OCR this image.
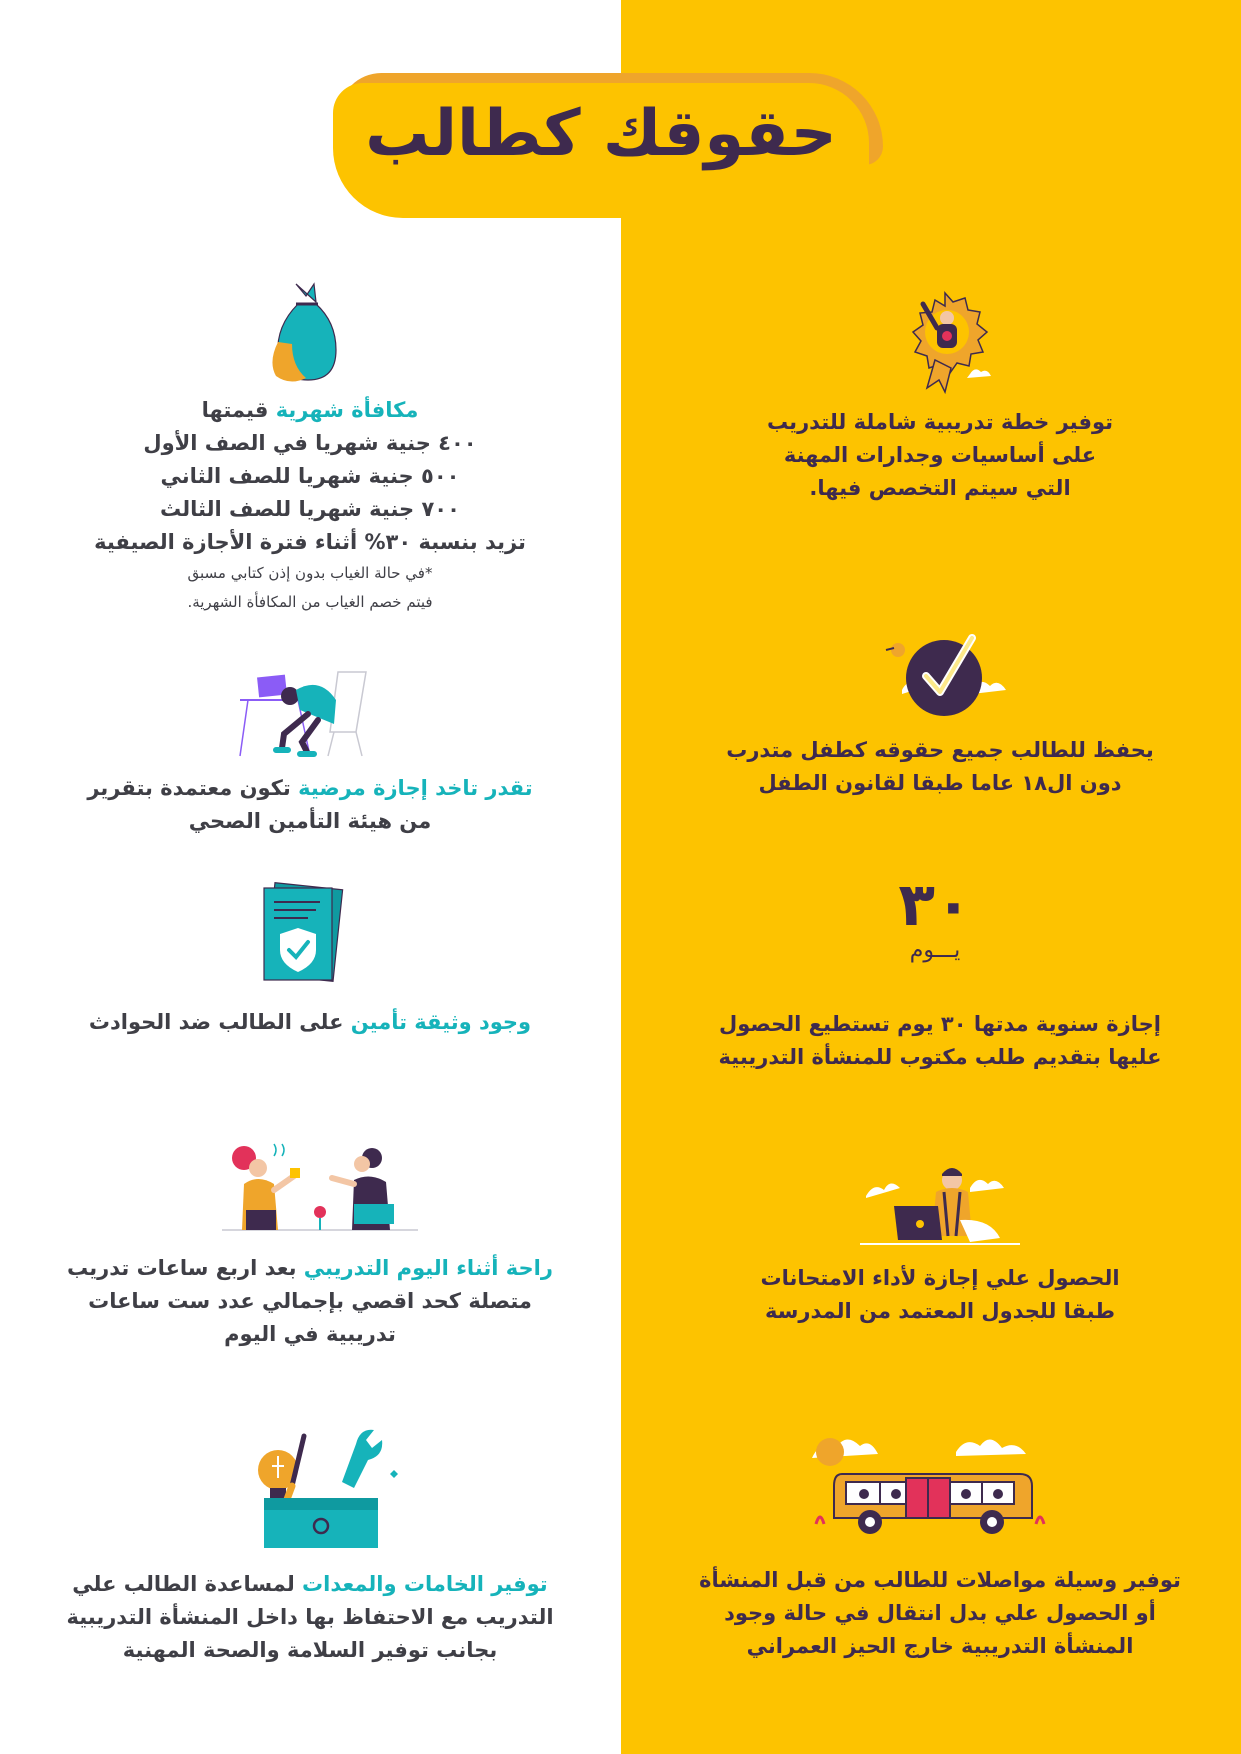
حقوقك كطالب
توفير خطة تدريبية شاملة للتدريب
على أساسيات وجدارات المهنة
التي سيتم التخصص فيها.
يحفظ للطالب جميع حقوقه كطفل متدرب
دون ال١٨ عاما طبقا لقانون الطفل
٣٠
يـــوم
إجازة سنوية مدتها ٣٠ يوم تستطيع الحصول
عليها بتقديم طلب مكتوب للمنشأة التدريبية
الحصول علي إجازة لأداء الامتحانات
طبقا للجدول المعتمد من المدرسة
توفير وسيلة مواصلات للطالب من قبل المنشأة
أو الحصول علي بدل انتقال في حالة وجود
المنشأة التدريبية خارج الحيز العمراني
مكافأة شهرية قيمتها
٤٠٠ جنية شهريا في الصف الأول
٥٠٠ جنية شهريا للصف الثاني
٧٠٠ جنية شهريا للصف الثالث
تزيد بنسبة ٣٠% أثناء فترة الأجازة الصيفية
*في حالة الغياب بدون إذن كتابي مسبق
فيتم خصم الغياب من المكافأة الشهرية.
تقدر تاخد إجازة مرضية تكون معتمدة بتقرير
من هيئة التأمين الصحي
وجود وثيقة تأمين على الطالب ضد الحوادث
راحة أثناء اليوم التدريبي بعد اربع ساعات تدريب
متصلة كحد اقصي بإجمالي عدد ست ساعات
تدريبية في اليوم
توفير الخامات والمعدات لمساعدة الطالب علي
التدريب مع الاحتفاظ بها داخل المنشأة التدريبية
بجانب توفير السلامة والصحة المهنية
